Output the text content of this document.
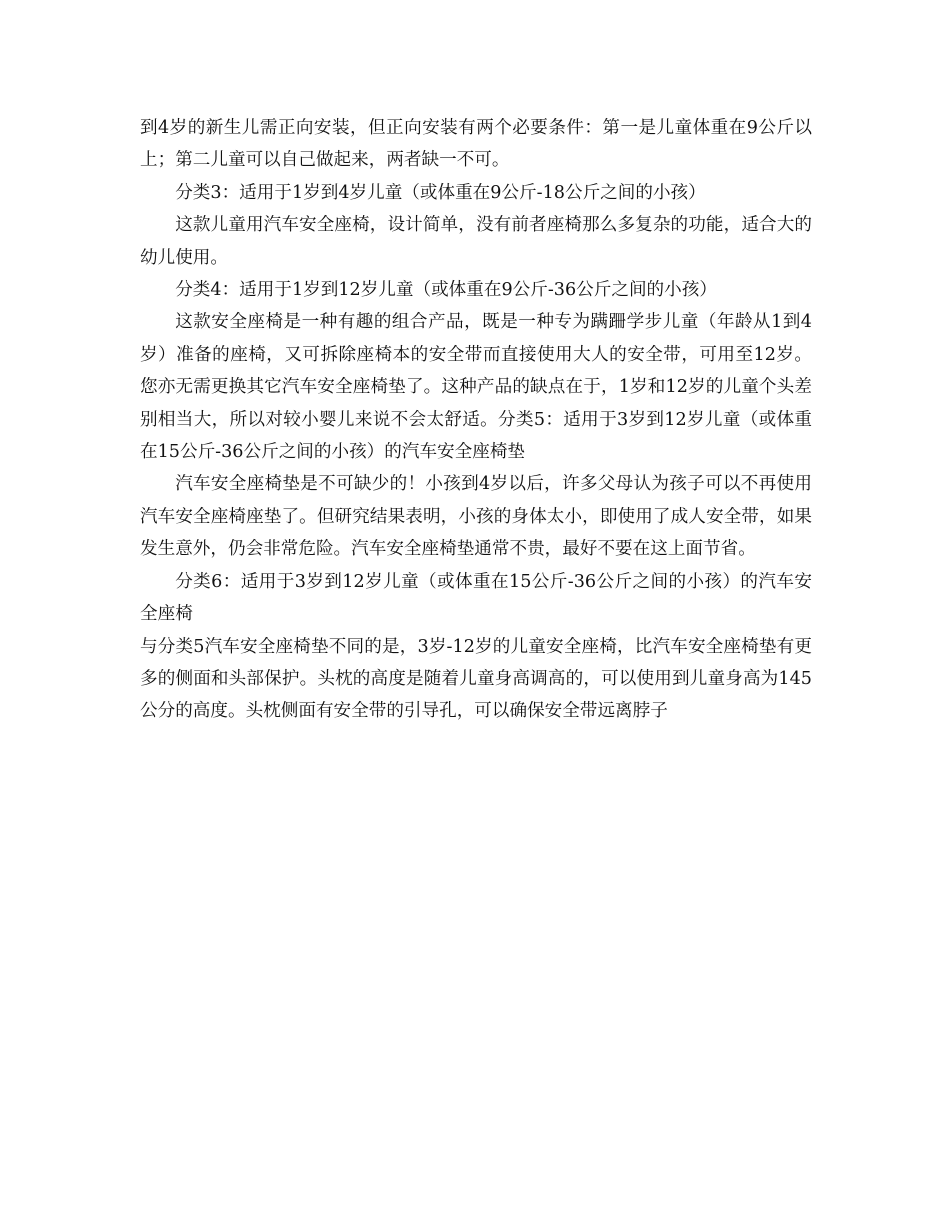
到4岁的新生儿需正向安装，但正向安装有两个必要条件：第一是儿童体重在9公斤以上；第二儿童可以自己做起来，两者缺一不可。

分类3：适用于1岁到4岁儿童（或体重在9公斤-18公斤之间的小孩）

这款儿童用汽车安全座椅，设计简单，没有前者座椅那么多复杂的功能，适合大的幼儿使用。

分类4：适用于1岁到12岁儿童（或体重在9公斤-36公斤之间的小孩）

这款安全座椅是一种有趣的组合产品，既是一种专为蹒跚学步儿童（年龄从1到4岁）准备的座椅，又可拆除座椅本的安全带而直接使用大人的安全带，可用至12岁。您亦无需更换其它汽车安全座椅垫了。这种产品的缺点在于，1岁和12岁的儿童个头差别相当大，所以对较小婴儿来说不会太舒适。分类5：适用于3岁到12岁儿童（或体重在15公斤-36公斤之间的小孩）的汽车安全座椅垫

汽车安全座椅垫是不可缺少的！小孩到4岁以后，许多父母认为孩子可以不再使用汽车安全座椅座垫了。但研究结果表明，小孩的身体太小，即使用了成人安全带，如果发生意外，仍会非常危险。汽车安全座椅垫通常不贵，最好不要在这上面节省。

分类6：适用于3岁到12岁儿童（或体重在15公斤-36公斤之间的小孩）的汽车安全座椅

与分类5汽车安全座椅垫不同的是，3岁-12岁的儿童安全座椅，比汽车安全座椅垫有更多的侧面和头部保护。头枕的高度是随着儿童身高调高的，可以使用到儿童身高为145公分的高度。头枕侧面有安全带的引导孔，可以确保安全带远离脖子
